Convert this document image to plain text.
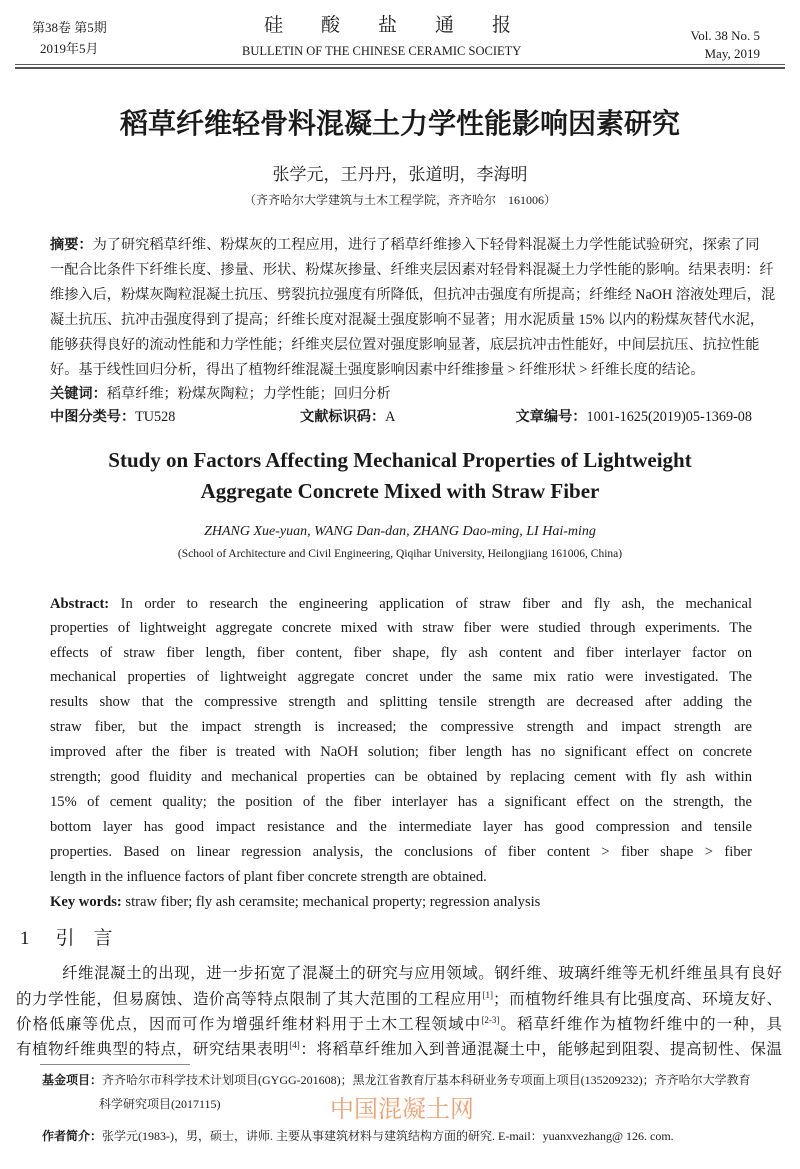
第38卷 第5期
2019年5月
硅　　酸　　盐　　通　　报
BULLETIN OF THE CHINESE CERAMIC SOCIETY
Vol. 38 No. 5
May, 2019
稻草纤维轻骨料混凝土力学性能影响因素研究
张学元，王丹丹，张道明，李海明
（齐齐哈尔大学建筑与土木工程学院，齐齐哈尔　161006）
摘要：为了研究稻草纤维、粉煤灰的工程应用，进行了稻草纤维掺入下轻骨料混凝土力学性能试验研究，探索了同
一配合比条件下纤维长度、掺量、形状、粉煤灰掺量、纤维夹层因素对轻骨料混凝土力学性能的影响。结果表明：纤
维掺入后，粉煤灰陶粒混凝土抗压、劈裂抗拉强度有所降低，但抗冲击强度有所提高；纤维经 NaOH 溶液处理后，混
凝土抗压、抗冲击强度得到了提高；纤维长度对混凝土强度影响不显著；用水泥质量 15% 以内的粉煤灰替代水泥，
能够获得良好的流动性能和力学性能；纤维夹层位置对强度影响显著，底层抗冲击性能好，中间层抗压、抗拉性能
好。基于线性回归分析，得出了植物纤维混凝土强度影响因素中纤维掺量 > 纤维形状 > 纤维长度的结论。
关键词：稻草纤维；粉煤灰陶粒；力学性能；回归分析
中图分类号：TU528	文献标识码：A	文章编号：1001-1625(2019)05-1369-08
Study on Factors Affecting Mechanical Properties of Lightweight
Aggregate Concrete Mixed with Straw Fiber
ZHANG Xue-yuan, WANG Dan-dan, ZHANG Dao-ming, LI Hai-ming
(School of Architecture and Civil Engineering, Qiqihar University, Heilongjiang 161006, China)
Abstract: In order to research the engineering application of straw fiber and fly ash, the mechanical
properties of lightweight aggregate concrete mixed with straw fiber were studied through experiments. The
effects of straw fiber length, fiber content, fiber shape, fly ash content and fiber interlayer factor on
mechanical properties of lightweight aggregate concret under the same mix ratio were investigated. The
results show that the compressive strength and splitting tensile strength are decreased after adding the
straw fiber, but the impact strength is increased; the compressive strength and impact strength are
improved after the fiber is treated with NaOH solution; fiber length has no significant effect on concrete
strength; good fluidity and mechanical properties can be obtained by replacing cement with fly ash within
15% of cement quality; the position of the fiber interlayer has a significant effect on the strength, the
bottom layer has good impact resistance and the intermediate layer has good compression and tensile
properties. Based on linear regression analysis, the conclusions of fiber content > fiber shape > fiber
length in the influence factors of plant fiber concrete strength are obtained.
Key words: straw fiber; fly ash ceramsite; mechanical property; regression analysis
1 引　言
　　纤维混凝土的出现，进一步拓宽了混凝土的研究与应用领域。钢纤维、玻璃纤维等无机纤维虽具有良好
的力学性能，但易腐蚀、造价高等特点限制了其大范围的工程应用[1]；而植物纤维具有比强度高、环境友好、
价格低廉等优点，因而可作为增强纤维材料用于土木工程领域中[2-3]。稻草纤维作为植物纤维中的一种，具
有植物纤维典型的特点，研究结果表明[4]：将稻草纤维加入到普通混凝土中，能够起到阻裂、提高韧性、保温
基金项目：齐齐哈尔市科学技术计划项目(GYGG-201608)；黑龙江省教育厅基本科研业务专项面上项目(135209232)；齐齐哈尔大学教育
科学研究项目(2017115)	中国混凝土网
作者简介：张学元(1983-)，男，硕士，讲师. 主要从事建筑材料与建筑结构方面的研究. E-mail：yuanxvezhang@ 126. com.
